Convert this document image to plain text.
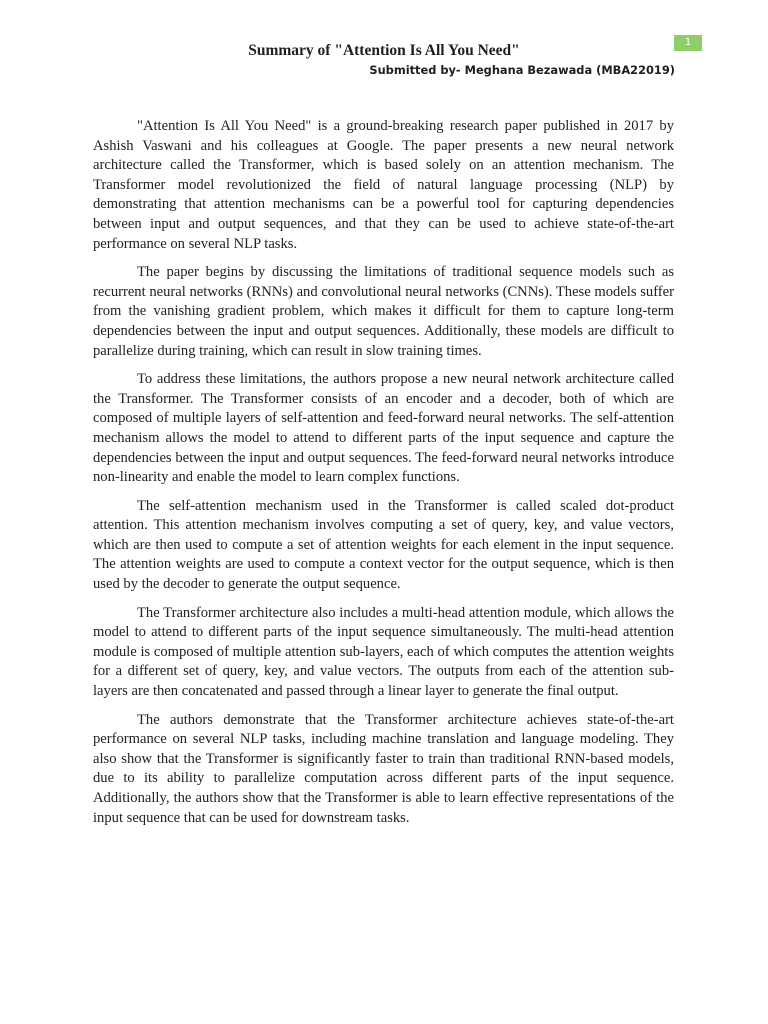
1
Summary of "Attention Is All You Need"
Submitted by- Meghana Bezawada (MBA22019)

"Attention Is All You Need" is a ground-breaking research paper published in 2017 by Ashish Vaswani and his colleagues at Google. The paper presents a new neural network architecture called the Transformer, which is based solely on an attention mechanism. The Transformer model revolutionized the field of natural language processing (NLP) by demonstrating that attention mechanisms can be a powerful tool for capturing dependencies between input and output sequences, and that they can be used to achieve state-of-the-art performance on several NLP tasks.

The paper begins by discussing the limitations of traditional sequence models such as recurrent neural networks (RNNs) and convolutional neural networks (CNNs). These models suffer from the vanishing gradient problem, which makes it difficult for them to capture long-term dependencies between the input and output sequences. Additionally, these models are difficult to parallelize during training, which can result in slow training times.

To address these limitations, the authors propose a new neural network architecture called the Transformer. The Transformer consists of an encoder and a decoder, both of which are composed of multiple layers of self-attention and feed-forward neural networks. The self-attention mechanism allows the model to attend to different parts of the input sequence and capture the dependencies between the input and output sequences. The feed-forward neural networks introduce non-linearity and enable the model to learn complex functions.

The self-attention mechanism used in the Transformer is called scaled dot-product attention. This attention mechanism involves computing a set of query, key, and value vectors, which are then used to compute a set of attention weights for each element in the input sequence. The attention weights are used to compute a context vector for the output sequence, which is then used by the decoder to generate the output sequence.

The Transformer architecture also includes a multi-head attention module, which allows the model to attend to different parts of the input sequence simultaneously. The multi-head attention module is composed of multiple attention sub-layers, each of which computes the attention weights for a different set of query, key, and value vectors. The outputs from each of the attention sub-layers are then concatenated and passed through a linear layer to generate the final output.

The authors demonstrate that the Transformer architecture achieves state-of-the-art performance on several NLP tasks, including machine translation and language modeling. They also show that the Transformer is significantly faster to train than traditional RNN-based models, due to its ability to parallelize computation across different parts of the input sequence. Additionally, the authors show that the Transformer is able to learn effective representations of the input sequence that can be used for downstream tasks.
